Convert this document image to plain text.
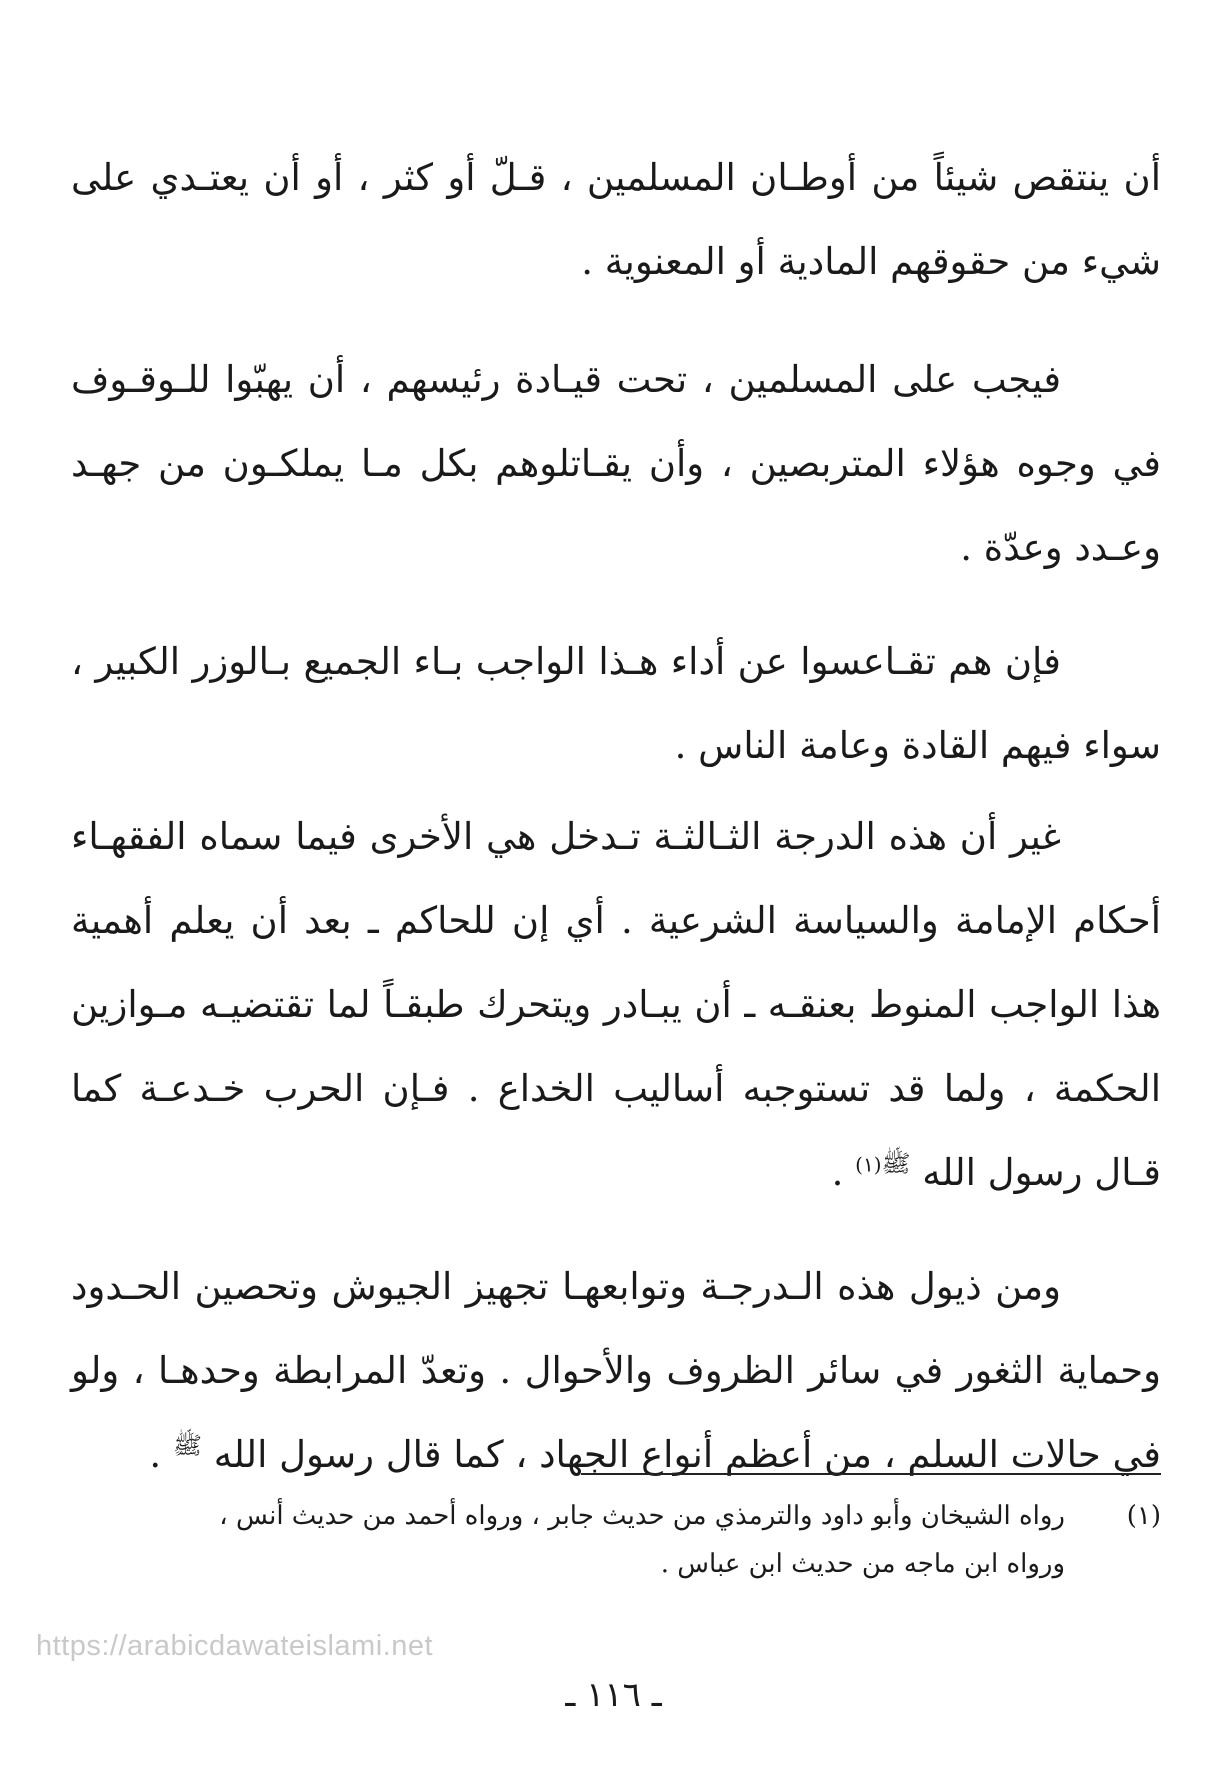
أن ينتقص شيئاً من أوطـان المسلمين ، قـلّ أو كثر ، أو أن يعتـدي على شيء من حقوقهم المادية أو المعنوية .

فيجب على المسلمين ، تحت قيـادة رئيسهم ، أن يهبّوا للـوقـوف في وجوه هؤلاء المتربصين ، وأن يقـاتلوهم بكل مـا يملكـون من جهـد وعـدد وعدّة .

فإن هم تقـاعسوا عن أداء هـذا الواجب بـاء الجميع بـالوزر الكبير ، سواء فيهم القادة وعامة الناس .

غير أن هذه الدرجة الثـالثـة تـدخل هي الأخرى فيما سماه الفقهـاء أحكام الإمامة والسياسة الشرعية . أي إن للحاكم ـ بعد أن يعلم أهمية هذا الواجب المنوط بعنقـه ـ أن يبـادر ويتحرك طبقـاً لما تقتضيـه مـوازين الحكمة ، ولما قد تستوجبه أساليب الخداع . فـإن الحرب خـدعـة كما قـال رسول الله $^{ﷺ(١)}$ .

ومن ذيول هذه الـدرجـة وتوابعهـا تجهيز الجيوش وتحصين الحـدود وحماية الثغور في سائر الظروف والأحوال . وتعدّ المرابطة وحدهـا ، ولو في حالات السلم ، من أعظم أنواع الجهاد ، كما قال رسول الله $^ﷺ$ .

(١)رواه الشيخان وأبو داود والترمذي من حديث جابر ، ورواه أحمد من حديث أنس ،
ورواه ابن ماجه من حديث ابن عباس .
https://arabicdawateislami.net
ـ ١١٦ ـ
